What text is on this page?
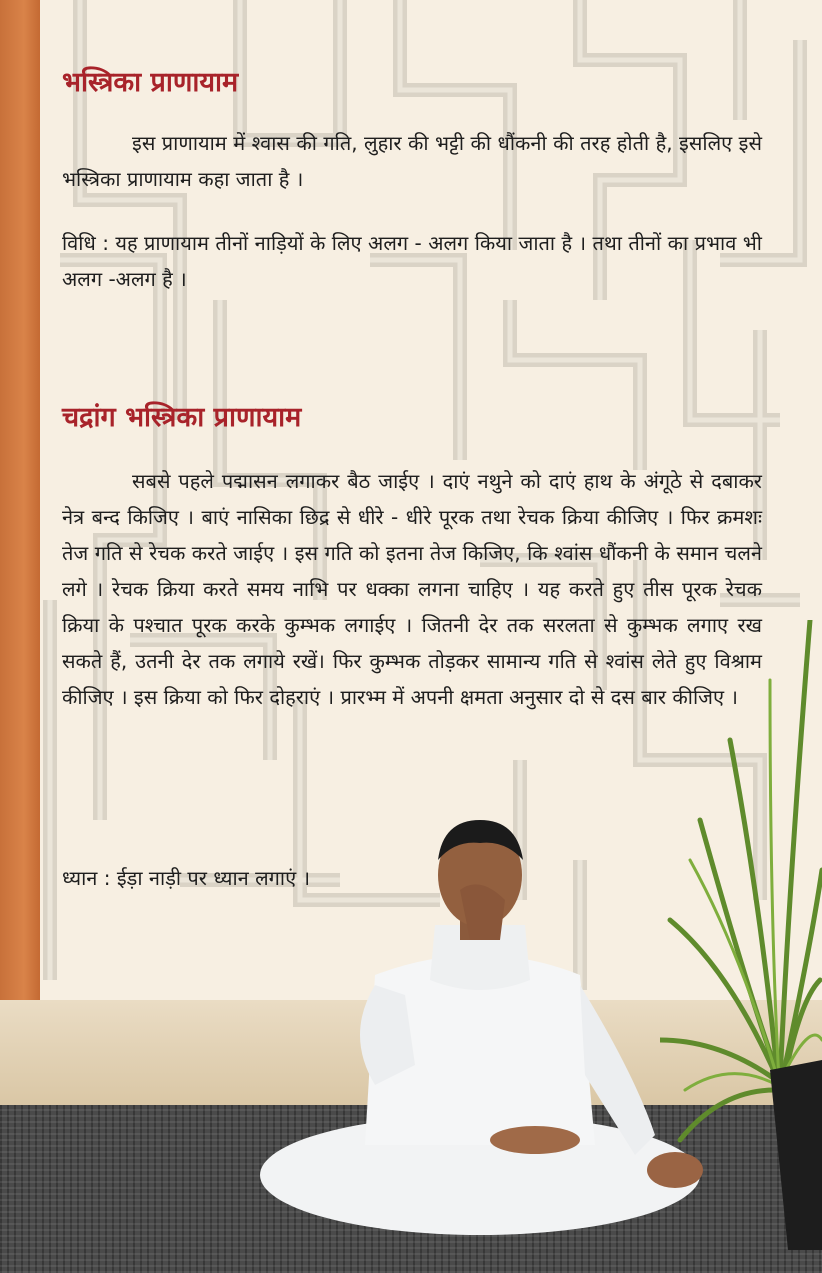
भस्त्रिका प्राणायाम

इस प्राणायाम में श्वास की गति, लुहार की भट्टी की धौंकनी की तरह होती है, इसलिए इसे भस्त्रिका प्राणायाम कहा जाता है ।

विधि : यह प्राणायाम तीनों नाड़ियों के लिए अलग - अलग किया जाता है । तथा तीनों का प्रभाव भी अलग -अलग है ।

चद्रांग भस्त्रिका प्राणायाम

सबसे पहले पद्मासन लगाकर बैठ जाईए । दाएं नथुने को दाएं हाथ के अंगूठे से दबाकर नेत्र बन्द किजिए । बाएं नासिका छिद्र से धीरे - धीरे पूरक तथा रेचक क्रिया कीजिए । फिर क्रमशः तेज गति से रेचक करते जाईए । इस गति को इतना तेज किजिए, कि श्वांस धौंकनी के समान चलने लगे । रेचक क्रिया करते समय नाभि पर धक्का लगना चाहिए । यह करते हुए तीस पूरक रेचक क्रिया के पश्चात पूरक करके कुम्भक लगाईए । जितनी देर तक सरलता से कुम्भक लगाए रख सकते हैं, उतनी देर तक लगाये रखें। फिर कुम्भक तोड़कर सामान्य गति से श्वांस लेते हुए विश्राम कीजिए । इस क्रिया को फिर दोहराएं । प्रारभ्म में अपनी क्षमता अनुसार दो से दस बार कीजिए ।

ध्यान : ईड़ा नाड़ी पर ध्यान लगाएं ।
